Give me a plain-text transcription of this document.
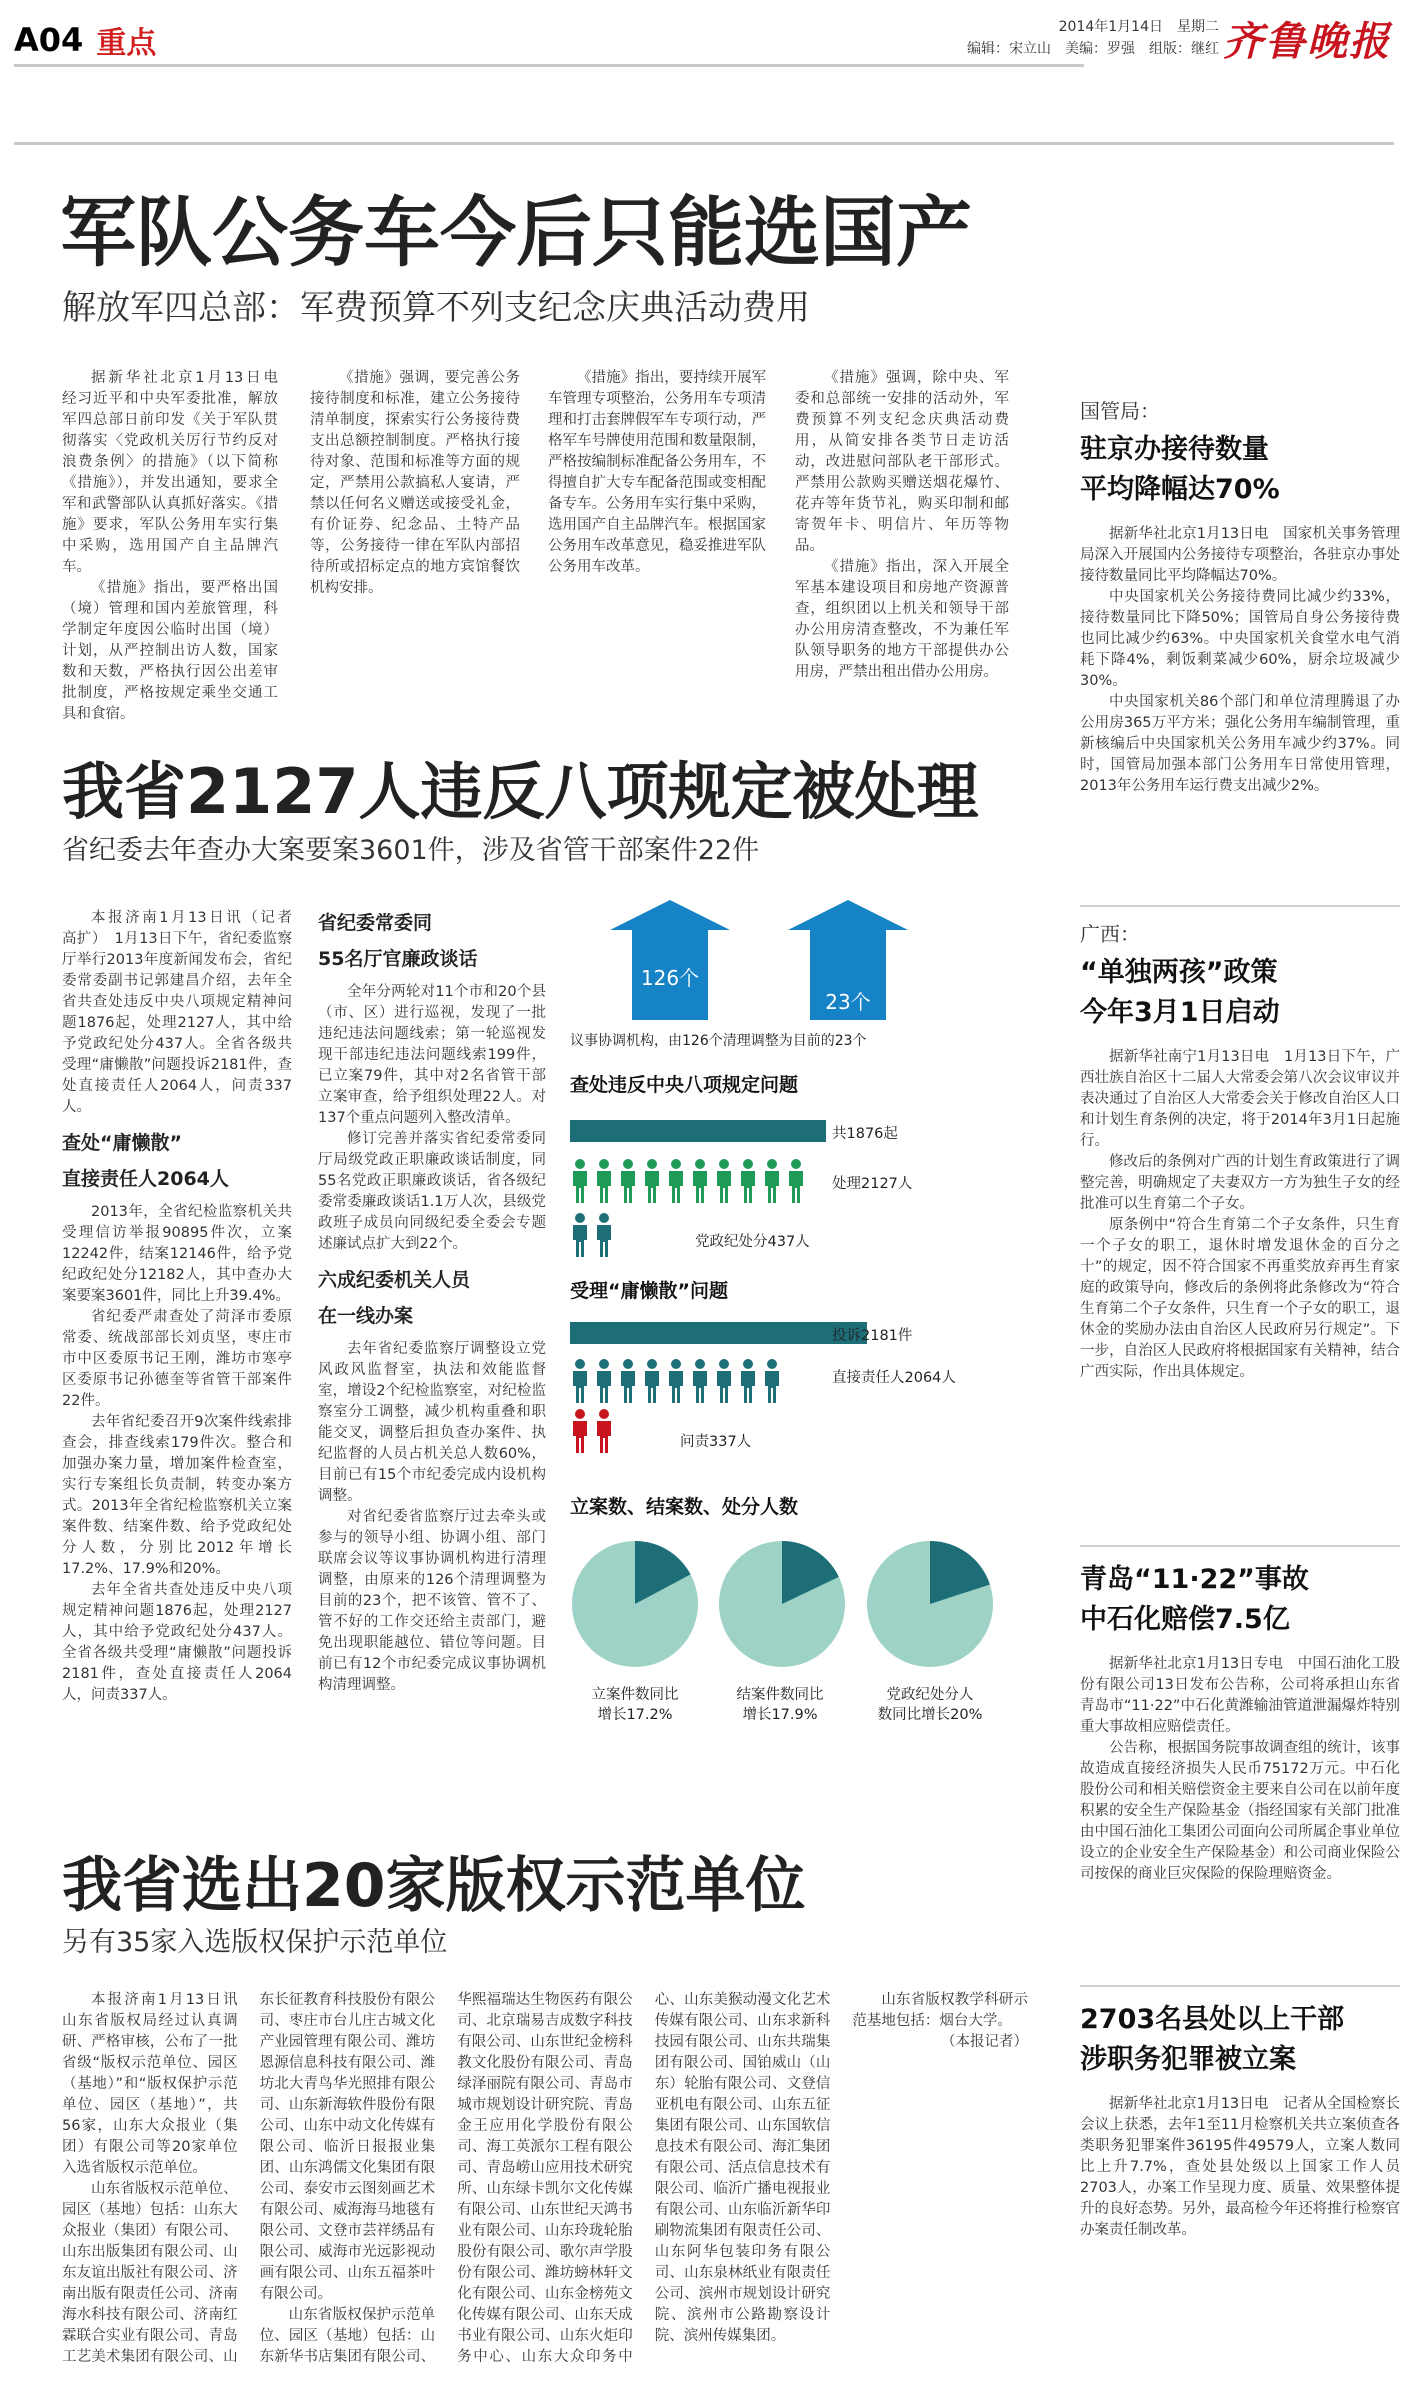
A04 重点	2014年1月14日　星期二
编辑：宋立山　美编：罗强　组版：继红 齐鲁晚报
军队公务车今后只能选国产
解放军四总部：军费预算不列支纪念庆典活动费用

据新华社北京1月13日电　经习近平和中央军委批准，解放军四总部日前印发《关于军队贯彻落实〈党政机关厉行节约反对浪费条例〉的措施》（以下简称《措施》），并发出通知，要求全军和武警部队认真抓好落实。《措施》要求，军队公务用车实行集中采购，选用国产自主品牌汽车。

《措施》指出，要严格出国（境）管理和国内差旅管理，科学制定年度因公临时出国（境）计划，从严控制出访人数，国家数和天数，严格执行因公出差审批制度，严格按规定乘坐交通工具和食宿。

《措施》强调，要完善公务接待制度和标准，建立公务接待清单制度，探索实行公务接待费支出总额控制制度。严格执行接待对象、范围和标准等方面的规定，严禁用公款搞私人宴请，严禁以任何名义赠送或接受礼金，有价证券、纪念品、土特产品等，公务接待一律在军队内部招待所或招标定点的地方宾馆餐饮机构安排。

《措施》指出，要持续开展军车管理专项整治，公务用车专项清理和打击套牌假军车专项行动，严格军车号牌使用范围和数量限制，严格按编制标准配备公务用车，不得擅自扩大专车配备范围或变相配备专车。公务用车实行集中采购，选用国产自主品牌汽车。根据国家公务用车改革意见，稳妥推进军队公务用车改革。

《措施》强调，除中央、军委和总部统一安排的活动外，军费预算不列支纪念庆典活动费用，从简安排各类节日走访活动，改进慰问部队老干部形式。严禁用公款购买赠送烟花爆竹、花卉等年货节礼，购买印制和邮寄贺年卡、明信片、年历等物品。

《措施》指出，深入开展全军基本建设项目和房地产资源普查，组织团以上机关和领导干部办公用房清查整改，不为兼任军队领导职务的地方干部提供办公用房，严禁出租出借办公用房。

我省2127人违反八项规定被处理
省纪委去年查办大案要案3601件，涉及省管干部案件22件

本报济南1月13日讯（记者　高扩）　1月13日下午，省纪委监察厅举行2013年度新闻发布会，省纪委常委副书记郭建昌介绍，去年全省共查处违反中央八项规定精神问题1876起，处理2127人，其中给予党政纪处分437人。全省各级共受理“庸懒散”问题投诉2181件，查处直接责任人2064人，问责337人。

查处“庸懒散”

直接责任人2064人

2013年，全省纪检监察机关共受理信访举报90895件次，立案12242件，结案12146件，给予党纪政纪处分12182人，其中查办大案要案3601件，同比上升39.4%。

省纪委严肃查处了菏泽市委原常委、统战部部长刘贞坚，枣庄市市中区委原书记王刚，潍坊市寒亭区委原书记孙德奎等省管干部案件22件。

去年省纪委召开9次案件线索排查会，排查线索179件次。整合和加强办案力量，增加案件检查室，实行专案组长负责制，转变办案方式。2013年全省纪检监察机关立案案件数、结案件数、给予党政纪处分人数，分别比2012年增长17.2%、17.9%和20%。

去年全省共查处违反中央八项规定精神问题1876起，处理2127人，其中给予党政纪处分437人。全省各级共受理“庸懒散”问题投诉2181件，查处直接责任人2064人，问责337人。

省纪委常委同

55名厅官廉政谈话

全年分两轮对11个市和20个县（市、区）进行巡视，发现了一批违纪违法问题线索；第一轮巡视发现干部违纪违法问题线索199件，已立案79件，其中对2名省管干部立案审查，给予组织处理22人。对137个重点问题列入整改清单。

修订完善并落实省纪委常委同厅局级党政正职廉政谈话制度，同55名党政正职廉政谈话，省各级纪委常委廉政谈话1.1万人次，县级党政班子成员向同级纪委全委会专题述廉试点扩大到22个。

六成纪委机关人员

在一线办案

去年省纪委监察厅调整设立党风政风监督室，执法和效能监督室，增设2个纪检监察室，对纪检监察室分工调整，减少机构重叠和职能交叉，调整后担负查办案件、执纪监督的人员占机关总人数60%，目前已有15个市纪委完成内设机构调整。

对省纪委省监察厅过去牵头或参与的领导小组、协调小组、部门联席会议等议事协调机构进行清理调整，由原来的126个清理调整为目前的23个，把不该管、管不了、管不好的工作交还给主责部门，避免出现职能越位、错位等问题。目前已有12个市纪委完成议事协调机构清理调整。

126个
23个
议事协调机构，由126个清理调整为目前的23个
查处违反中央八项规定问题
共1876起
处理2127人
党政纪处分437人
受理“庸懒散”问题
投诉2181件
直接责任人2064人
问责337人
立案数、结案数、处分人数
立案件数同比
增长17.2%
结案件数同比
增长17.9%
党政纪处分人
数同比增长20%
我省选出20家版权示范单位
另有35家入选版权保护示范单位

本报济南1月13日讯　山东省版权局经过认真调研、严格审核，公布了一批省级“版权示范单位、园区（基地）”和“版权保护示范单位、园区（基地）”，共56家，山东大众报业（集团）有限公司等20家单位入选省版权示范单位。

山东省版权示范单位、园区（基地）包括：山东大众报业（集团）有限公司、山东出版集团有限公司、山东友谊出版社有限公司、济南出版有限责任公司、济南海水科技有限公司、济南红霖联合实业有限公司、青岛工艺美术集团有限公司、山东长征教育科技股份有限公司、枣庄市台儿庄古城文化产业园管理有限公司、潍坊恩源信息科技有限公司、潍坊北大青鸟华光照排有限公司、山东新海软件股份有限公司、山东中动文化传媒有限公司、临沂日报报业集团、山东鸿儒文化集团有限公司、泰安市云图刻画艺术有限公司、威海海马地毯有限公司、文登市芸祥绣品有限公司、威海市光远影视动画有限公司、山东五福茶叶有限公司。

山东省版权保护示范单位、园区（基地）包括：山东新华书店集团有限公司、华熙福瑞达生物医药有限公司、北京瑞易吉成数字科技有限公司、山东世纪金榜科教文化股份有限公司、青岛绿泽丽院有限公司、青岛市城市规划设计研究院、青岛金王应用化学股份有限公司、海工英派尔工程有限公司、青岛崂山应用技术研究所、山东绿卡凯尔文化传媒有限公司、山东世纪天鸿书业有限公司、山东玲珑轮胎股份有限公司、歌尔声学股份有限公司、潍坊螃林轩文化有限公司、山东金榜苑文化传媒有限公司、山东天成书业有限公司、山东火炬印务中心、山东大众印务中心、山东美猴动漫文化艺术传媒有限公司、山东求新科技园有限公司、山东共瑞集团有限公司、国铂威山（山东）轮胎有限公司、文登信亚机电有限公司、山东五征集团有限公司、山东国软信息技术有限公司、海汇集团有限公司、活点信息技术有限公司、临沂广播电视报业有限公司、山东临沂新华印刷物流集团有限责任公司、山东阿华包装印务有限公司、山东泉林纸业有限责任公司、滨州市规划设计研究院、滨州市公路勘察设计院、滨州传媒集团。

山东省版权教学科研示范基地包括：烟台大学。

（本报记者）

国管局：
驻京办接待数量
平均降幅达70%

据新华社北京1月13日电　国家机关事务管理局深入开展国内公务接待专项整治，各驻京办事处接待数量同比平均降幅达70%。

中央国家机关公务接待费同比减少约33%，接待数量同比下降50%；国管局自身公务接待费也同比减少约63%。中央国家机关食堂水电气消耗下降4%，剩饭剩菜减少60%，厨余垃圾减少30%。

中央国家机关86个部门和单位清理腾退了办公用房365万平方米；强化公务用车编制管理，重新核编后中央国家机关公务用车减少约37%。同时，国管局加强本部门公务用车日常使用管理，2013年公务用车运行费支出减少2%。

广西：
“单独两孩”政策
今年3月1日启动

据新华社南宁1月13日电　1月13日下午，广西壮族自治区十二届人大常委会第八次会议审议并表决通过了自治区人大常委会关于修改自治区人口和计划生育条例的决定，将于2014年3月1日起施行。

修改后的条例对广西的计划生育政策进行了调整完善，明确规定了夫妻双方一方为独生子女的经批准可以生育第二个子女。

原条例中“符合生育第二个子女条件，只生育一个子女的职工，退休时增发退休金的百分之十”的规定，因不符合国家不再重奖放弃再生育家庭的政策导向，修改后的条例将此条修改为“符合生育第二个子女条件，只生育一个子女的职工，退休金的奖励办法由自治区人民政府另行规定”。下一步，自治区人民政府将根据国家有关精神，结合广西实际，作出具体规定。

青岛“11·22”事故
中石化赔偿7.5亿

据新华社北京1月13日专电　中国石油化工股份有限公司13日发布公告称，公司将承担山东省青岛市“11·22”中石化黄潍输油管道泄漏爆炸特别重大事故相应赔偿责任。

公告称，根据国务院事故调查组的统计，该事故造成直接经济损失人民币75172万元。中石化股份公司和相关赔偿资金主要来自公司在以前年度积累的安全生产保险基金（指经国家有关部门批准由中国石油化工集团公司面向公司所属企事业单位设立的企业安全生产保险基金）和公司商业保险公司按保的商业巨灾保险的保险理赔资金。

2703名县处以上干部
涉职务犯罪被立案

据新华社北京1月13日电　记者从全国检察长会议上获悉，去年1至11月检察机关共立案侦查各类职务犯罪案件36195件49579人，立案人数同比上升7.7%，查处县处级以上国家工作人员2703人，办案工作呈现力度、质量、效果整体提升的良好态势。另外，最高检今年还将推行检察官办案责任制改革。
